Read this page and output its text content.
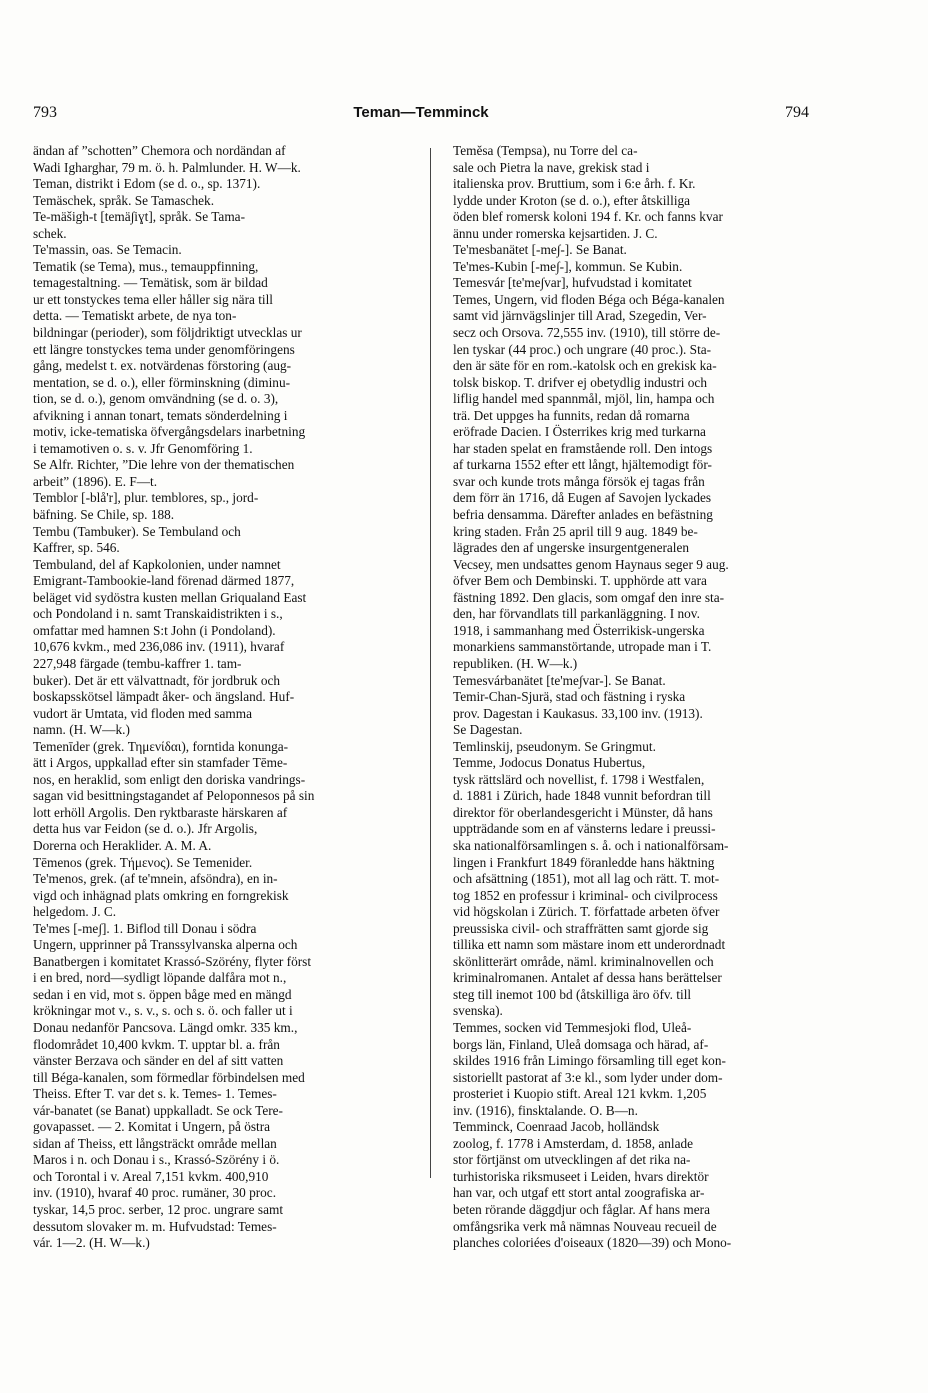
793	Teman—Temminck	794
ändan af ”schotten” Chemora och nordändan af
Wadi Igharghar, 79 m. ö. h. Palmlunder. H. W—k.
Teman, distrikt i Edom (se d. o., sp. 1371).
Temäschek, språk. Se Tamaschek.
Te-mäšigh-t [temä∫iɣt], språk. Se Tama-
schek.
Te'massin, oas. Se Temacin.
Tematik (se Tema), mus., temauppfinning,
temagestaltning. — Temätisk, som är bildad
ur ett tonstyckes tema eller håller sig nära till
detta. — Tematiskt arbete, de nya ton-
bildningar (perioder), som följdriktigt utvecklas ur
ett längre tonstyckes tema under genomföringens
gång, medelst t. ex. notvärdenas förstoring (aug-
mentation, se d. o.), eller förminskning (diminu-
tion, se d. o.), genom omvändning (se d. o. 3),
afvikning i annan tonart, temats sönderdelning i
motiv, icke-tematiska öfvergångsdelars inarbetning
i temamotiven o. s. v. Jfr Genomföring 1.
Se Alfr. Richter, ”Die lehre von der thematischen
arbeit” (1896). E. F—t.
Temblor [-blå'r], plur. temblores, sp., jord-
bäfning. Se Chile, sp. 188.
Tembu (Tambuker). Se Tembuland och
Kaffrer, sp. 546.
Tembuland, del af Kapkolonien, under namnet
Emigrant-Tambookie-land förenad därmed 1877,
beläget vid sydöstra kusten mellan Griqualand East
och Pondoland i n. samt Transkaidistrikten i s.,
omfattar med hamnen S:t John (i Pondoland).
10,676 kvkm., med 236,086 inv. (1911), hvaraf
227,948 färgade (tembu-kaffrer 1. tam-
buker). Det är ett välvattnadt, för jordbruk och
boskapsskötsel lämpadt åker- och ängsland. Huf-
vudort är Umtata, vid floden med samma
namn. (H. W—k.)
Temenīder (grek. Τημενίδαι), forntida konunga-
ätt i Argos, uppkallad efter sin stamfader Tēme-
nos, en heraklid, som enligt den doriska vandrings-
sagan vid besittningstagandet af Peloponnesos på sin
lott erhöll Argolis. Den ryktbaraste härskaren af
detta hus var Feidon (se d. o.). Jfr Argolis,
Dorerna och Heraklider. A. M. A.
Tēmenos (grek. Τήμενος). Se Temenider.
Te'menos, grek. (af te'mnein, afsöndra), en in-
vigd och inhägnad plats omkring en forngrekisk
helgedom. J. C.
Te'mes [-me∫]. 1. Biflod till Donau i södra
Ungern, upprinner på Transsylvanska alperna och
Banatbergen i komitatet Krassó-Szörény, flyter först
i en bred, nord—sydligt löpande dalfåra mot n.,
sedan i en vid, mot s. öppen båge med en mängd
krökningar mot v., s. v., s. och s. ö. och faller ut i
Donau nedanför Pancsova. Längd omkr. 335 km.,
flodområdet 10,400 kvkm. T. upptar bl. a. från
vänster Berzava och sänder en del af sitt vatten
till Béga-kanalen, som förmedlar förbindelsen med
Theiss. Efter T. var det s. k. Temes- 1. Temes-
vár-banatet (se Banat) uppkalladt. Se ock Tere-
govapasset. — 2. Komitat i Ungern, på östra
sidan af Theiss, ett långsträckt område mellan
Maros i n. och Donau i s., Krassó-Szörény i ö.
och Torontal i v. Areal 7,151 kvkm. 400,910
inv. (1910), hvaraf 40 proc. rumäner, 30 proc.
tyskar, 14,5 proc. serber, 12 proc. ungrare samt
dessutom slovaker m. m. Hufvudstad: Temes-
vár. 1—2. (H. W—k.)
Temĕsa (Tempsa), nu Torre del ca-
sale och Pietra la nave, grekisk stad i
italienska prov. Bruttium, som i 6:e årh. f. Kr.
lydde under Kroton (se d. o.), efter åtskilliga
öden blef romersk koloni 194 f. Kr. och fanns kvar
ännu under romerska kejsartiden. J. C.
Te'mesbanätet [-me∫-]. Se Banat.
Te'mes-Kubin [-me∫-], kommun. Se Kubin.
Temesvár [te'me∫var], hufvudstad i komitatet
Temes, Ungern, vid floden Béga och Béga-kanalen
samt vid järnvägslinjer till Arad, Szegedin, Ver-
secz och Orsova. 72,555 inv. (1910), till större de-
len tyskar (44 proc.) och ungrare (40 proc.). Sta-
den är säte för en rom.-katolsk och en grekisk ka-
tolsk biskop. T. drifver ej obetydlig industri och
liflig handel med spannmål, mjöl, lin, hampa och
trä. Det uppges ha funnits, redan då romarna
eröfrade Dacien. I Österrikes krig med turkarna
har staden spelat en framstående roll. Den intogs
af turkarna 1552 efter ett långt, hjältemodigt för-
svar och kunde trots många försök ej tagas från
dem förr än 1716, då Eugen af Savojen lyckades
befria densamma. Därefter anlades en befästning
kring staden. Från 25 april till 9 aug. 1849 be-
lägrades den af ungerske insurgentgeneralen
Vecsey, men undsattes genom Haynaus seger 9 aug.
öfver Bem och Dembinski. T. upphörde att vara
fästning 1892. Den glacis, som omgaf den inre sta-
den, har förvandlats till parkanläggning. I nov.
1918, i sammanhang med Österrikisk-ungerska
monarkiens sammanstörtande, utropade man i T.
republiken. (H. W—k.)
Temesvárbanätet [te'me∫var-]. Se Banat.
Temir-Chan-Sjurä, stad och fästning i ryska
prov. Dagestan i Kaukasus. 33,100 inv. (1913).
Se Dagestan.
Temlinskij, pseudonym. Se Gringmut.
Temme, Jodocus Donatus Hubertus,
tysk rättslärd och novellist, f. 1798 i Westfalen,
d. 1881 i Zürich, hade 1848 vunnit befordran till
direktor för oberlandesgericht i Münster, då hans
uppträdande som en af vänsterns ledare i preussi-
ska nationalförsamlingen s. å. och i nationalförsam-
lingen i Frankfurt 1849 föranledde hans häktning
och afsättning (1851), mot all lag och rätt. T. mot-
tog 1852 en professur i kriminal- och civilprocess
vid högskolan i Zürich. T. författade arbeten öfver
preussiska civil- och straffrätten samt gjorde sig
tillika ett namn som mästare inom ett underordnadt
skönlitterärt område, näml. kriminalnovellen och
kriminalromanen. Antalet af dessa hans berättelser
steg till inemot 100 bd (åtskilliga äro öfv. till
svenska).
Temmes, socken vid Temmesjoki flod, Uleå-
borgs län, Finland, Uleå domsaga och härad, af-
skildes 1916 från Limingo församling till eget kon-
sistoriellt pastorat af 3:e kl., som lyder under dom-
prosteriet i Kuopio stift. Areal 121 kvkm. 1,205
inv. (1916), finsktalande. O. B—n.
Temminck, Coenraad Jacob, holländsk
zoolog, f. 1778 i Amsterdam, d. 1858, anlade
stor förtjänst om utvecklingen af det rika na-
turhistoriska riksmuseet i Leiden, hvars direktör
han var, och utgaf ett stort antal zoografiska ar-
beten rörande däggdjur och fåglar. Af hans mera
omfångsrika verk må nämnas Nouveau recueil de
planches coloriées d'oiseaux (1820—39) och Mono-
